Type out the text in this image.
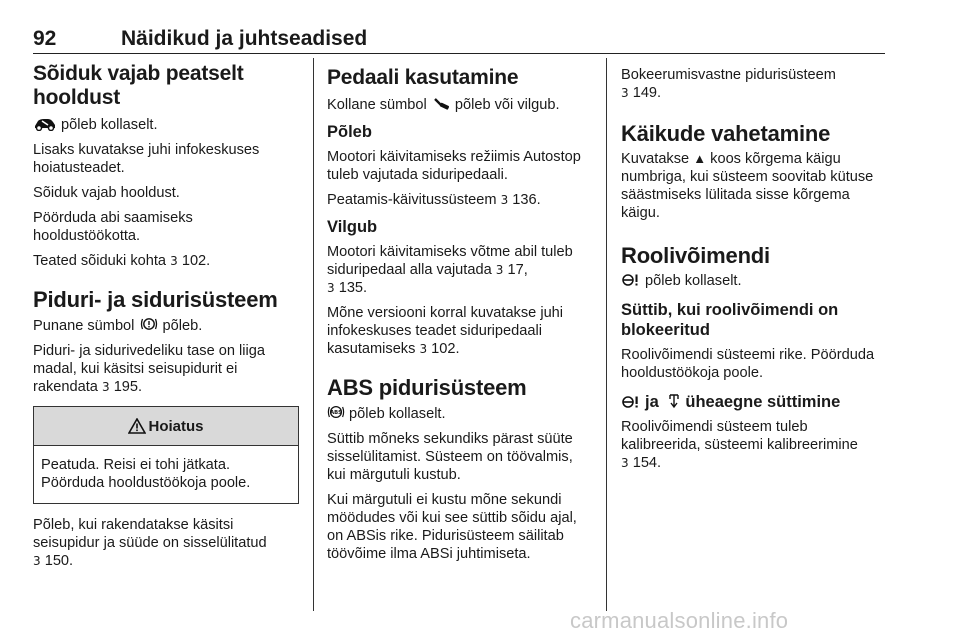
92	Näidikud ja juhtseadised
Sõiduk vajab peatselt
hooldust

põleb kollaselt.

Lisaks kuvatakse juhi infokeskuses hoiatusteadet.

Sõiduk vajab hooldust.

Pöörduda abi saamiseks hooldustöökotta.

Teated sõiduki kohta 3 102.

Piduri- ja sidurisüsteem

Punane sümbol põleb.

Piduri- ja sidurivedeliku tase on liiga madal, kui käsitsi seisupidurit ei rakendata 3 195.

Hoiatus

Peatuda. Reisi ei tohi jätkata. Pöörduda hooldustöökoja poole.

Põleb, kui rakendatakse käsitsi seisupidur ja süüde on sisselülitatud
3 150.

Pedaali kasutamine

Kollane sümbol põleb või vilgub.

Põleb

Mootori käivitamiseks režiimis Autostop tuleb vajutada siduripedaali.

Peatamis-käivitussüsteem 3 136.

Vilgub

Mootori käivitamiseks võtme abil tuleb siduripedaal alla vajutada 3 17,
3 135.

Mõne versiooni korral kuvatakse juhi infokeskuses teadet siduripedaali kasutamiseks 3 102.

ABS pidurisüsteem

ABS põleb kollaselt.

Süttib mõneks sekundiks pärast süüte sisselülitamist. Süsteem on töövalmis, kui märgutuli kustub.

Kui märgutuli ei kustu mõne sekundi möödudes või kui see süttib sõidu ajal, on ABSis rike. Pidurisüsteem säilitab töövõime ilma ABSi juhtimiseta.

Bokeerumisvastne pidurisüsteem
3 149.

Käikude vahetamine

Kuvatakse ▲ koos kõrgema käigu numbriga, kui süsteem soovitab kütuse säästmiseks lülitada sisse kõrgema käigu.

Roolivõimendi

põleb kollaselt.

Süttib, kui roolivõimendi on blokeeritud

Roolivõimendi süsteemi rike. Pöörduda hooldustöökoja poole.

ja üheaegne süttimine

Roolivõimendi süsteem tuleb kalibreerida, süsteemi kalibreerimine
3 154.

carmanualsonline.info
